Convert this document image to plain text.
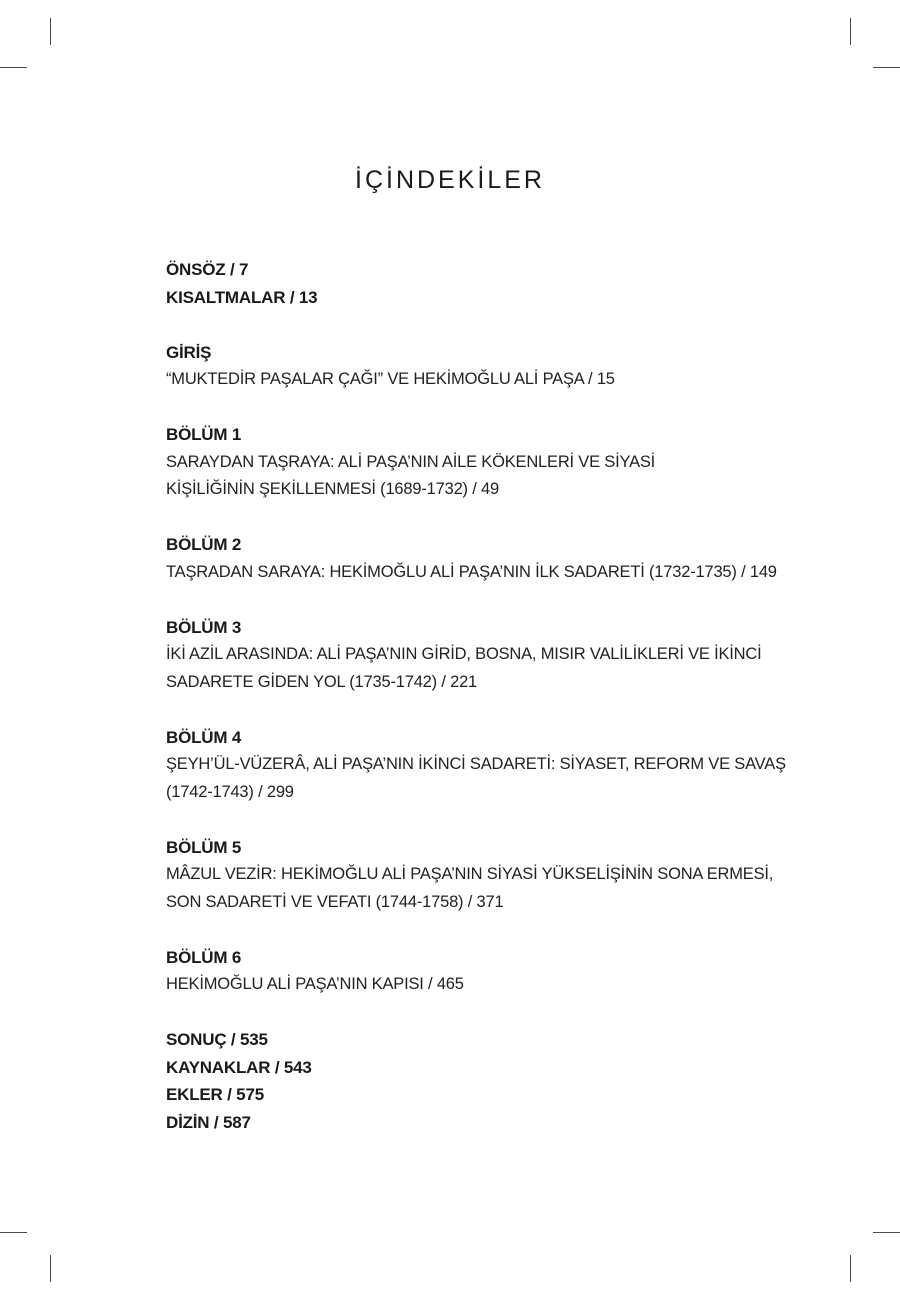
İÇİNDEKİLER
ÖNSÖZ / 7
KISALTMALAR / 13
GİRİŞ
“MUKTEDİR PAŞALAR ÇAĞI” VE HEKİMOĞLU ALİ PAŞA / 15
BÖLÜM 1
SARAYDAN TAŞRAYA: ALİ PAŞA’NIN AİLE KÖKENLERİ VE SİYASİ
KİŞİLİĞİNİN ŞEKİLLENMESİ (1689-1732) / 49
BÖLÜM 2
TAŞRADAN SARAYA: HEKİMOĞLU ALİ PAŞA’NIN İLK SADARETİ (1732-1735) / 149
BÖLÜM 3
İKİ AZİL ARASINDA: ALİ PAŞA’NIN GİRİD, BOSNA, MISIR VALİLİKLERİ VE İKİNCİ
SADARETE GİDEN YOL (1735-1742) / 221
BÖLÜM 4
ŞEYH’ÜL-VÜZERÂ, ALİ PAŞA’NIN İKİNCİ SADARETİ: SİYASET, REFORM VE SAVAŞ
(1742-1743) / 299
BÖLÜM 5
MÂZUL VEZİR: HEKİMOĞLU ALİ PAŞA’NIN SİYASİ YÜKSELİŞİNİN SONA ERMESİ,
SON SADARETİ VE VEFATI (1744-1758) / 371
BÖLÜM 6
HEKİMOĞLU ALİ PAŞA’NIN KAPISI / 465
SONUÇ / 535
KAYNAKLAR / 543
EKLER / 575
DİZİN / 587
